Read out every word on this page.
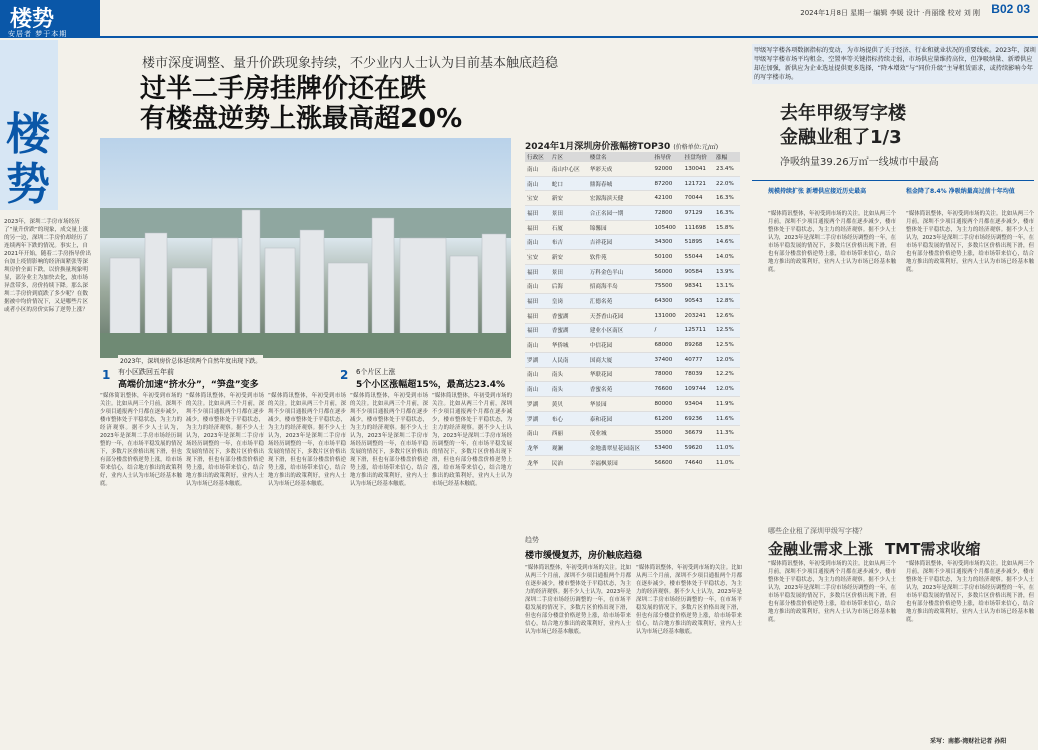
楼势
安居者 梦于本期
2024年1月8日 星期一 编辑 李媛 设计 ·肖丽缘 校对 刘 刚 B02 03
楼势
2023年，深圳二手房市场经历了“量升价跌”的现象，成交量上涨的另一边，深圳二手房价却经历了连续两年下跌的情况。事实上，自2021年开始，随着二手房指导价出台加上疫情影响的经济面紧张等深圳房价全面下跌，以价换量现象明显，部分业主为加快去化，放市场异盘带多，房价持续下降。那么深圳二手房价到底跌了多少呢？在数据被中均价情况下，又是哪些片区或者小区的房价实际了逆势上涨？
楼市深度调整、量升价跌现象持续，不少业内人士认为目前基本触底趋稳
过半二手房挂牌价还在跌
有楼盘逆势上涨最高超20%
2023年，深圳房价总体延续两个自然年度出现下跌。
1 有小区跌回五年前
高端价加速“挤水分”，“笋盘”变多
“媒体简讯整体，年初受到市场的关注。比如从两三个月前，深圳不少项目通报两个月都在逐步减少，楼市整体处于平稳状态，为主力的经济观察。据不少人士认为，2023年是深圳二手房市场经历调整的一年，在市场平稳发展的情况下，多数片区价格出现下滑，但也有部分楼盘价格逆势上涨，给市场带来信心，结合地方推出的政策利好，业内人士认为市场已经基本触底。
“媒体简讯整体，年初受到市场的关注。比如从两三个月前，深圳不少项目通报两个月都在逐步减少，楼市整体处于平稳状态，为主力的经济观察。据不少人士认为，2023年是深圳二手房市场经历调整的一年，在市场平稳发展的情况下，多数片区价格出现下滑，但也有部分楼盘价格逆势上涨，给市场带来信心，结合地方推出的政策利好，业内人士认为市场已经基本触底。
2 6个片区上涨
5个小区涨幅超15%，最高达23.4%
“媒体简讯整体，年初受到市场的关注。比如从两三个月前，深圳不少项目通报两个月都在逐步减少，楼市整体处于平稳状态，为主力的经济观察。据不少人士认为，2023年是深圳二手房市场经历调整的一年，在市场平稳发展的情况下，多数片区价格出现下滑，但也有部分楼盘价格逆势上涨，给市场带来信心，结合地方推出的政策利好，业内人士认为市场已经基本触底。
“媒体简讯整体，年初受到市场的关注。比如从两三个月前，深圳不少项目通报两个月都在逐步减少，楼市整体处于平稳状态，为主力的经济观察。据不少人士认为，2023年是深圳二手房市场经历调整的一年，在市场平稳发展的情况下，多数片区价格出现下滑，但也有部分楼盘价格逆势上涨，给市场带来信心，结合地方推出的政策利好，业内人士认为市场已经基本触底。
“媒体简讯整体，年初受到市场的关注。比如从两三个月前，深圳不少项目通报两个月都在逐步减少，楼市整体处于平稳状态，为主力的经济观察。据不少人士认为，2023年是深圳二手房市场经历调整的一年，在市场平稳发展的情况下，多数片区价格出现下滑，但也有部分楼盘价格逆势上涨，给市场带来信心，结合地方推出的政策利好，业内人士认为市场已经基本触底。
2024年1月深圳房价涨幅榜TOP30 (价格单位:元/㎡)
行政区	片区	楼盘名	指导价	挂盘均价	涨幅
南山	南山中心区	华彩天成	92000	130041	23.4%
南山	蛇口	鼎海春城	87200	121721	22.0%
宝安	新安	宏源海滨天健	42100	70044	16.3%
福田	景田	合正名园一期	72800	97129	16.3%
福田	石厦	锦馨园	105400	111698	15.8%
南山	布吉	吉祥花园	34300	51895	14.6%
宝安	新安	软件苑	50100	55044	14.0%
福田	景田	万科金色半山	56000	90584	13.9%
南山	后海	招商海半岛	75500	98341	13.1%
福田	皇岗	汇德名苑	64300	90543	12.8%
福田	香蜜湖	天荟香山花园	131000	203241	12.6%
福田	香蜜湖	建业小区南区	/	125711	12.5%
南山	华侨城	中信花园	68000	89268	12.5%
罗湖	人民南	国商大厦	37400	40777	12.0%
南山	南头	华联花园	78000	78039	12.2%
南山	南头	香蜜名苑	76600	109744	12.0%
罗湖	黄贝	华景园	80000	93404	11.9%
罗湖	布心	泰和花园	61200	69236	11.6%
南山	西丽	茂业城	35000	36679	11.3%
龙华	观澜	金地翡翠星花园南区	53400	59620	11.0%
龙华	民治	幸福枫景园	56600	74640	11.0%
趋势
楼市缓慢复苏，房价触底趋稳
“媒体简讯整体，年初受到市场的关注。比如从两三个月前，深圳不少项目通报两个月都在逐步减少，楼市整体处于平稳状态，为主力的经济观察。据不少人士认为，2023年是深圳二手房市场经历调整的一年，在市场平稳发展的情况下，多数片区价格出现下滑，但也有部分楼盘价格逆势上涨，给市场带来信心，结合地方推出的政策利好，业内人士认为市场已经基本触底。
“媒体简讯整体，年初受到市场的关注。比如从两三个月前，深圳不少项目通报两个月都在逐步减少，楼市整体处于平稳状态，为主力的经济观察。据不少人士认为，2023年是深圳二手房市场经历调整的一年，在市场平稳发展的情况下，多数片区价格出现下滑，但也有部分楼盘价格逆势上涨，给市场带来信心，结合地方推出的政策利好，业内人士认为市场已经基本触底。
甲级写字楼各项数据指标的变动，为市场提供了关于经济、行业和就业状况的重要线索。2023年，深圳甲级写字楼市场平均租金、空置率等关键指标持续走弱，市场供应量维持高位，但净吸纳量、新增供应却在加强，新供应为企业选址提供更多选择，“降本增效”与“同价升级”主导租赁需求，或持续影响今年的写字楼市场。
去年甲级写字楼
金融业租了1/3
净吸纳量39.26万㎡一线城市中最高
规模持续扩张 新增供应接近历史最高	租金降了8.4% 净吸纳量高过前十年均值
“媒体简讯整体，年初受到市场的关注。比如从两三个月前，深圳不少项目通报两个月都在逐步减少，楼市整体处于平稳状态，为主力的经济观察。据不少人士认为，2023年是深圳二手房市场经历调整的一年，在市场平稳发展的情况下，多数片区价格出现下滑，但也有部分楼盘价格逆势上涨，给市场带来信心，结合地方推出的政策利好，业内人士认为市场已经基本触底。
“媒体简讯整体，年初受到市场的关注。比如从两三个月前，深圳不少项目通报两个月都在逐步减少，楼市整体处于平稳状态，为主力的经济观察。据不少人士认为，2023年是深圳二手房市场经历调整的一年，在市场平稳发展的情况下，多数片区价格出现下滑，但也有部分楼盘价格逆势上涨，给市场带来信心，结合地方推出的政策利好，业内人士认为市场已经基本触底。
哪些企业租了深圳甲级写字楼？
金融业需求上涨 TMT需求收缩
“媒体简讯整体，年初受到市场的关注。比如从两三个月前，深圳不少项目通报两个月都在逐步减少，楼市整体处于平稳状态，为主力的经济观察。据不少人士认为，2023年是深圳二手房市场经历调整的一年，在市场平稳发展的情况下，多数片区价格出现下滑，但也有部分楼盘价格逆势上涨，给市场带来信心，结合地方推出的政策利好，业内人士认为市场已经基本触底。
“媒体简讯整体，年初受到市场的关注。比如从两三个月前，深圳不少项目通报两个月都在逐步减少，楼市整体处于平稳状态，为主力的经济观察。据不少人士认为，2023年是深圳二手房市场经历调整的一年，在市场平稳发展的情况下，多数片区价格出现下滑，但也有部分楼盘价格逆势上涨，给市场带来信心，结合地方推出的政策利好，业内人士认为市场已经基本触底。
采写：南都·湾财社记者 孙阳
